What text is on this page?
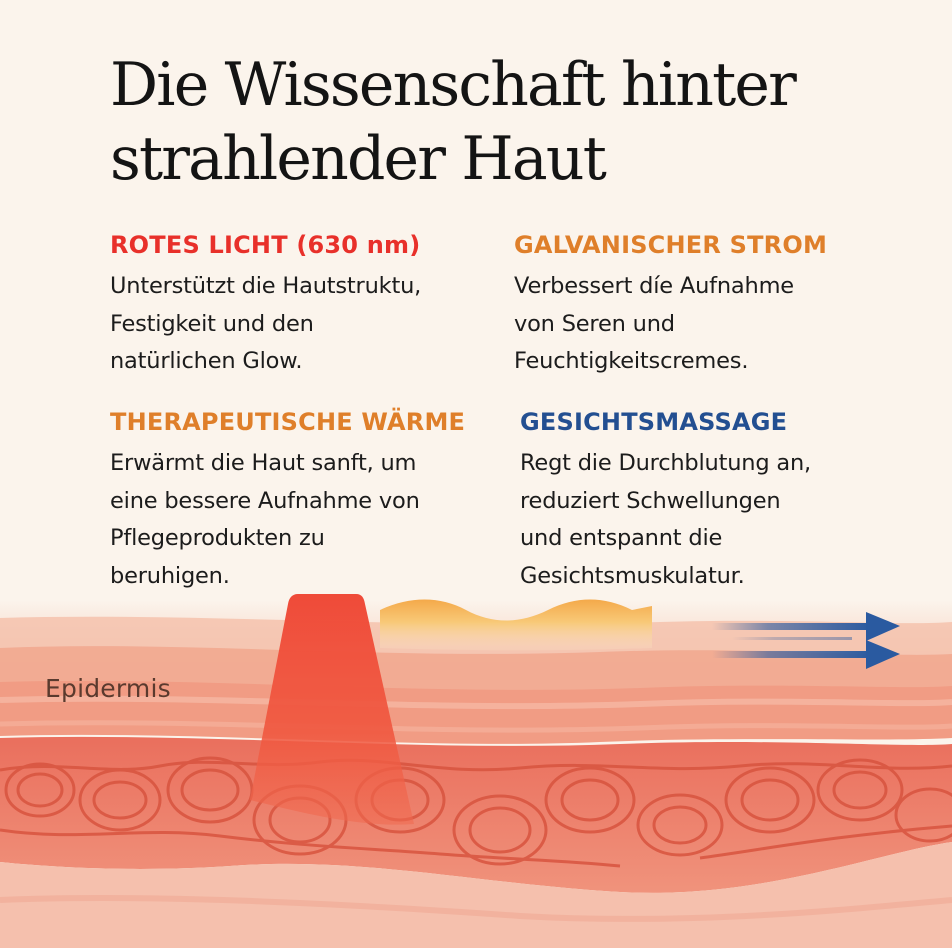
Die Wissenschaft hinter
strahlender Haut
ROTES LICHT (630 nm)

Unterstützt die Hautstruktu,
Festigkeit und den
natürlichen Glow.

GALVANISCHER STROM

Verbessert díe Aufnahme
von Seren und
Feuchtigkeitscremes.

THERAPEUTISCHE WÄRME

Erwärmt die Haut sanft, um
eine bessere Aufnahme von
Pflegeprodukten zu
beruhigen.

GESICHTSMASSAGE

Regt die Durchblutung an,
reduziert Schwellungen
und entspannt die
Gesichtsmuskulatur.

Epidermis
